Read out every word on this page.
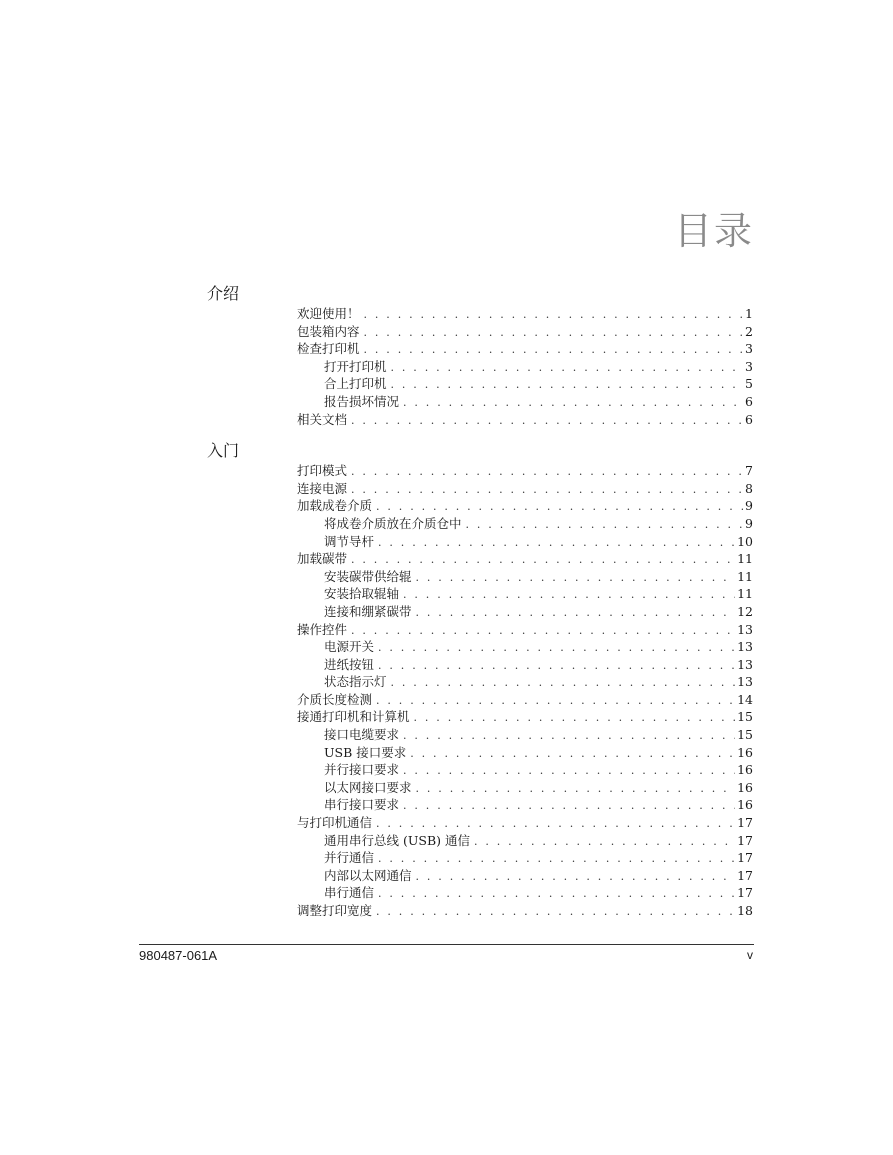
目录
介绍
欢迎使用！ . . .	1
包装箱内容 . . .	2
检查打印机 . . .	3
打开打印机 . . .	3
合上打印机 . . .	5
报告损坏情况 . . .	6
相关文档 . . .	6
入门
打印模式 . . .	7
连接电源 . . .	8
加载成卷介质 . . .	9
将成卷介质放在介质仓中 . . .	9
调节导杆 . . .	10
加载碳带 . . .	11
安装碳带供给辊 . . .	11
安装拾取辊轴 . . .	11
连接和绷紧碳带 . . .	12
操作控件 . . .	13
电源开关 . . .	13
进纸按钮 . . .	13
状态指示灯 . . .	13
介质长度检测 . . .	14
接通打印机和计算机 . . .	15
接口电缆要求 . . .	15
USB 接口要求 . . .	16
并行接口要求 . . .	16
以太网接口要求 . . .	16
串行接口要求 . . .	16
与打印机通信 . . .	17
通用串行总线 (USB) 通信 . . .	17
并行通信 . . .	17
内部以太网通信 . . .	17
串行通信 . . .	17
调整打印宽度 . . .	18
980487-061A	v
